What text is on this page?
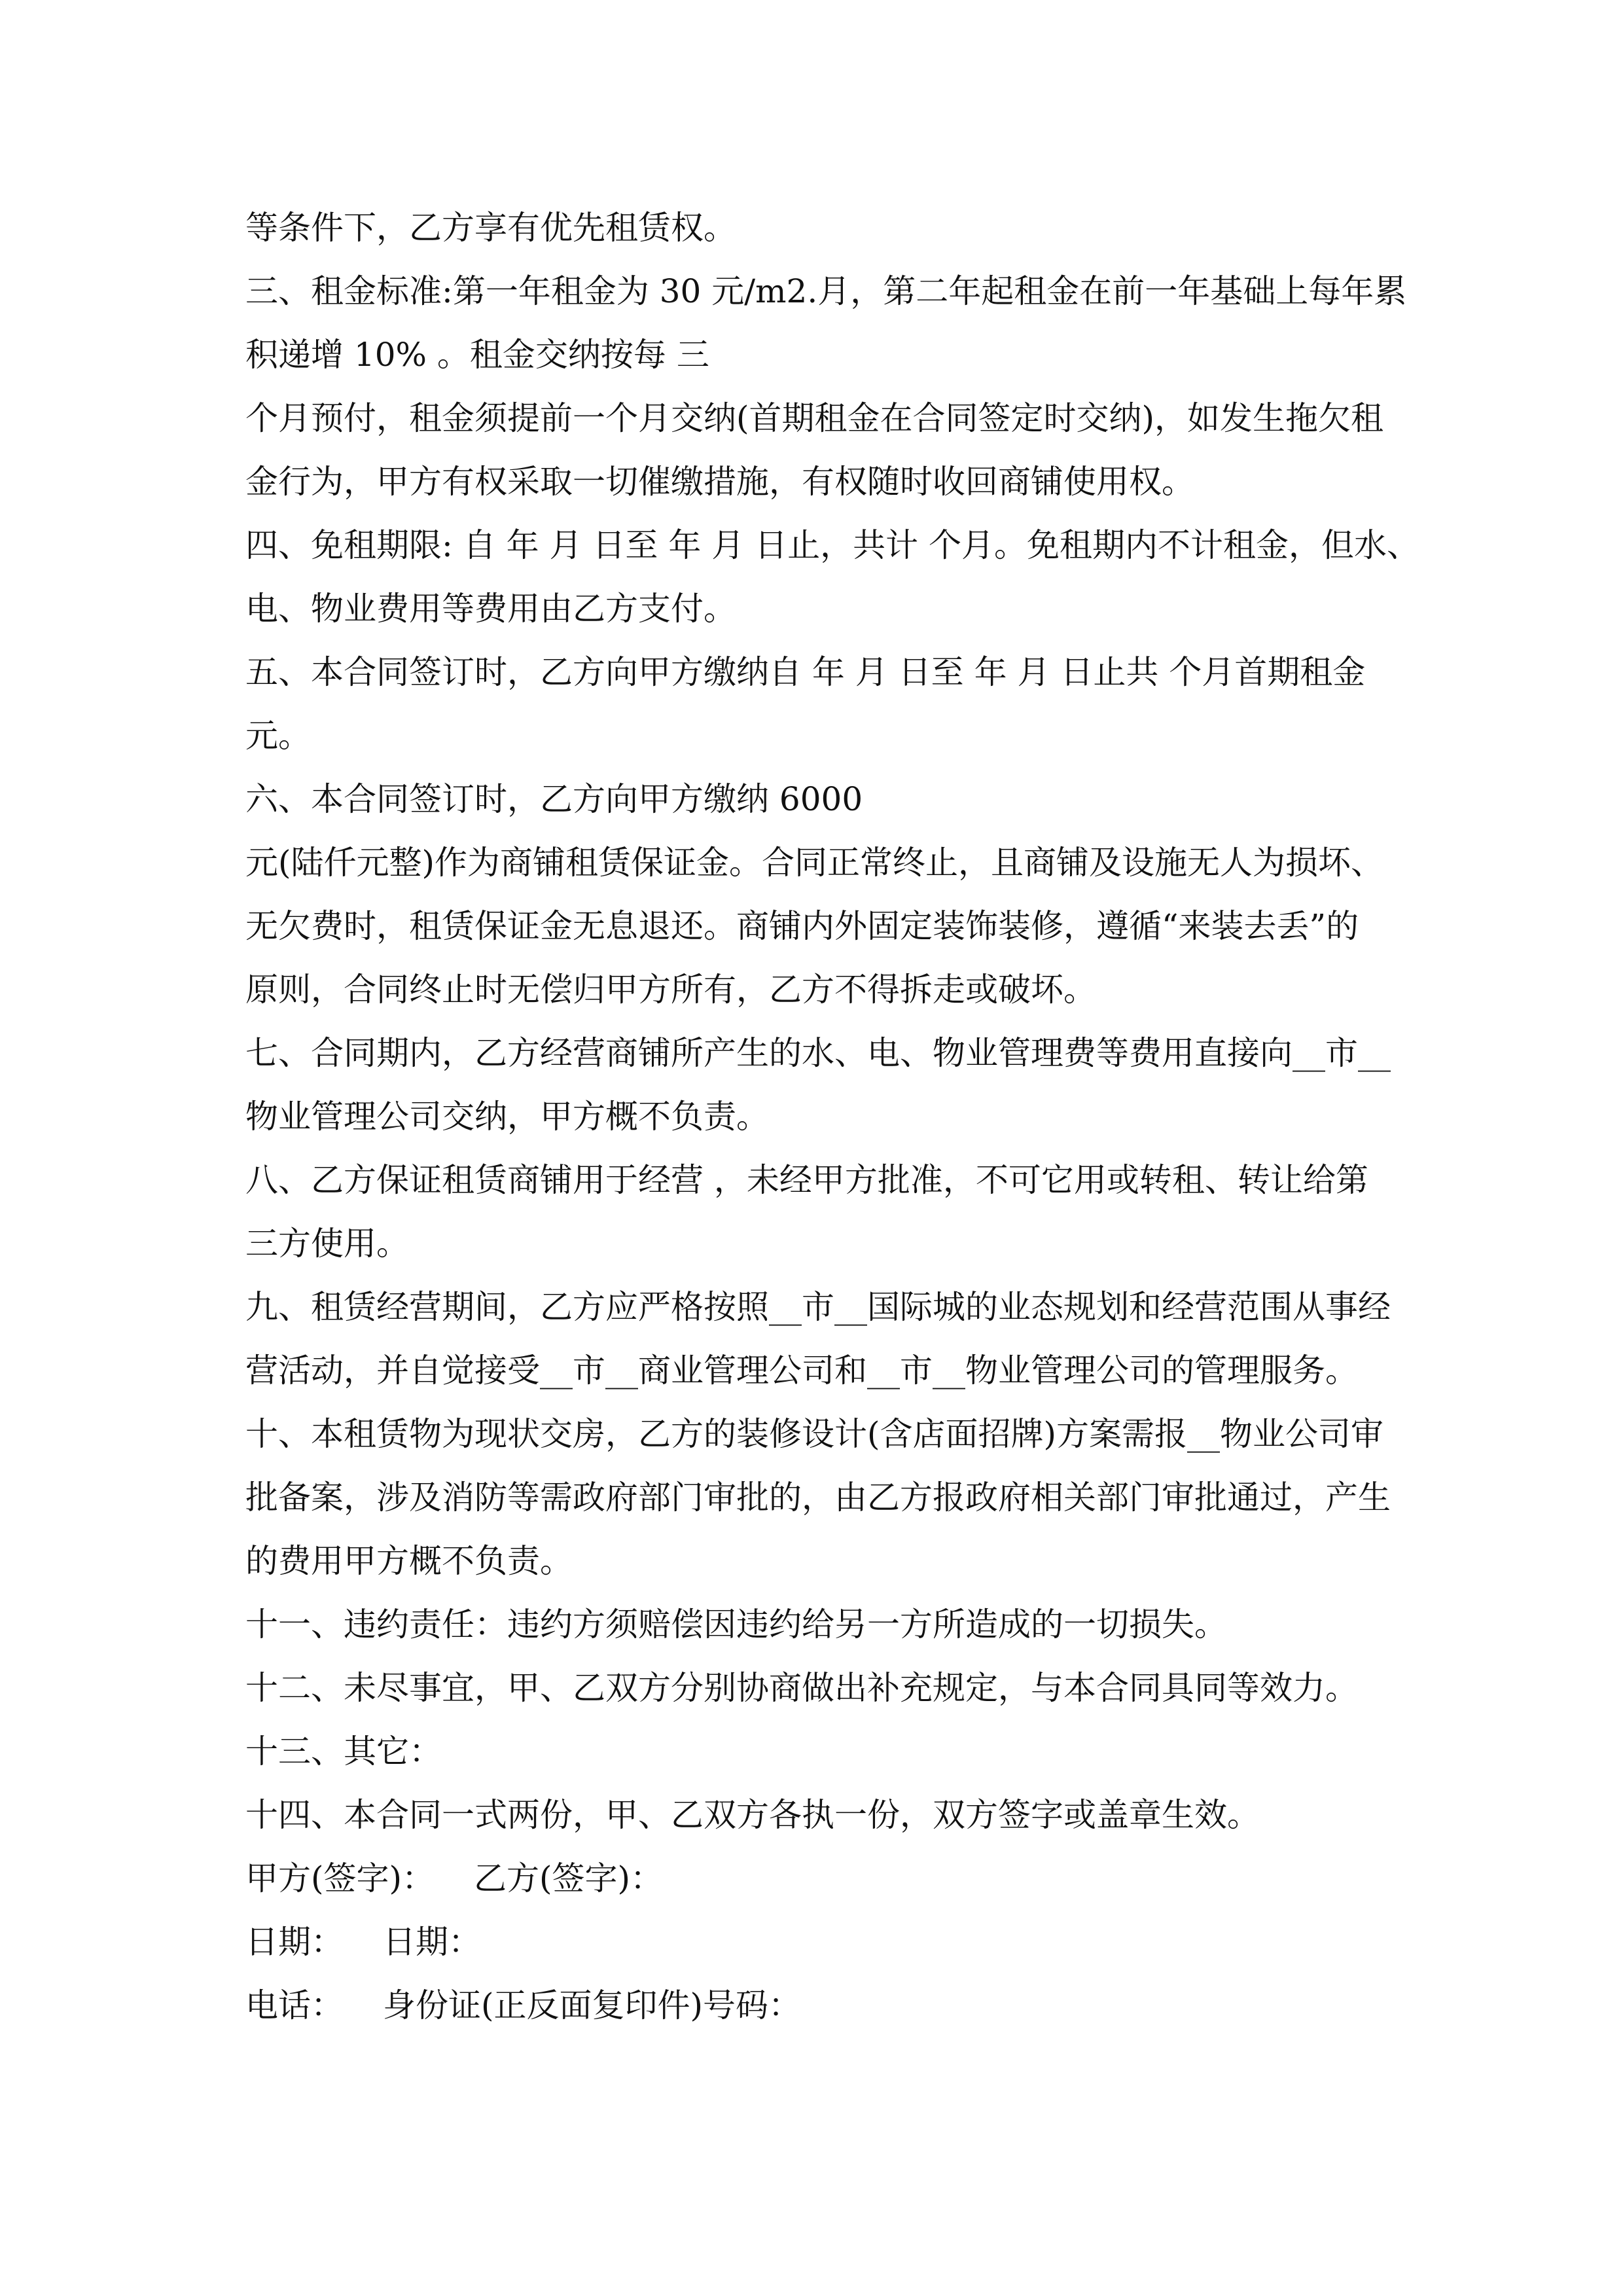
等条件下，乙方享有优先租赁权。
三、租金标准:第一年租金为 30 元/m2.月，第二年起租金在前一年基础上每年累
积递增 10% 。租金交纳按每 三
个月预付，租金须提前一个月交纳(首期租金在合同签定时交纳)，如发生拖欠租
金行为，甲方有权采取一切催缴措施，有权随时收回商铺使用权。
四、免租期限: 自 年 月 日至 年 月 日止，共计 个月。免租期内不计租金，但水、
电、物业费用等费用由乙方支付。
五、本合同签订时，乙方向甲方缴纳自 年 月 日至 年 月 日止共 个月首期租金
元。
六、本合同签订时，乙方向甲方缴纳 6000
元(陆仟元整)作为商铺租赁保证金。合同正常终止，且商铺及设施无人为损坏、
无欠费时，租赁保证金无息退还。商铺内外固定装饰装修，遵循“来装去丢”的
原则，合同终止时无偿归甲方所有，乙方不得拆走或破坏。
七、合同期内，乙方经营商铺所产生的水、电、物业管理费等费用直接向__市__
物业管理公司交纳，甲方概不负责。
八、乙方保证租赁商铺用于经营 ，未经甲方批准，不可它用或转租、转让给第
三方使用。
九、租赁经营期间，乙方应严格按照__市__国际城的业态规划和经营范围从事经
营活动，并自觉接受__市__商业管理公司和__市__物业管理公司的管理服务。
十、本租赁物为现状交房，乙方的装修设计(含店面招牌)方案需报__物业公司审
批备案，涉及消防等需政府部门审批的，由乙方报政府相关部门审批通过，产生
的费用甲方概不负责。
十一、违约责任：违约方须赔偿因违约给另一方所造成的一切损失。
十二、未尽事宜，甲、乙双方分别协商做出补充规定，与本合同具同等效力。
十三、其它：
十四、本合同一式两份，甲、乙双方各执一份，双方签字或盖章生效。
甲方(签字)： 乙方(签字)：
日期： 日期：
电话： 身份证(正反面复印件)号码：
